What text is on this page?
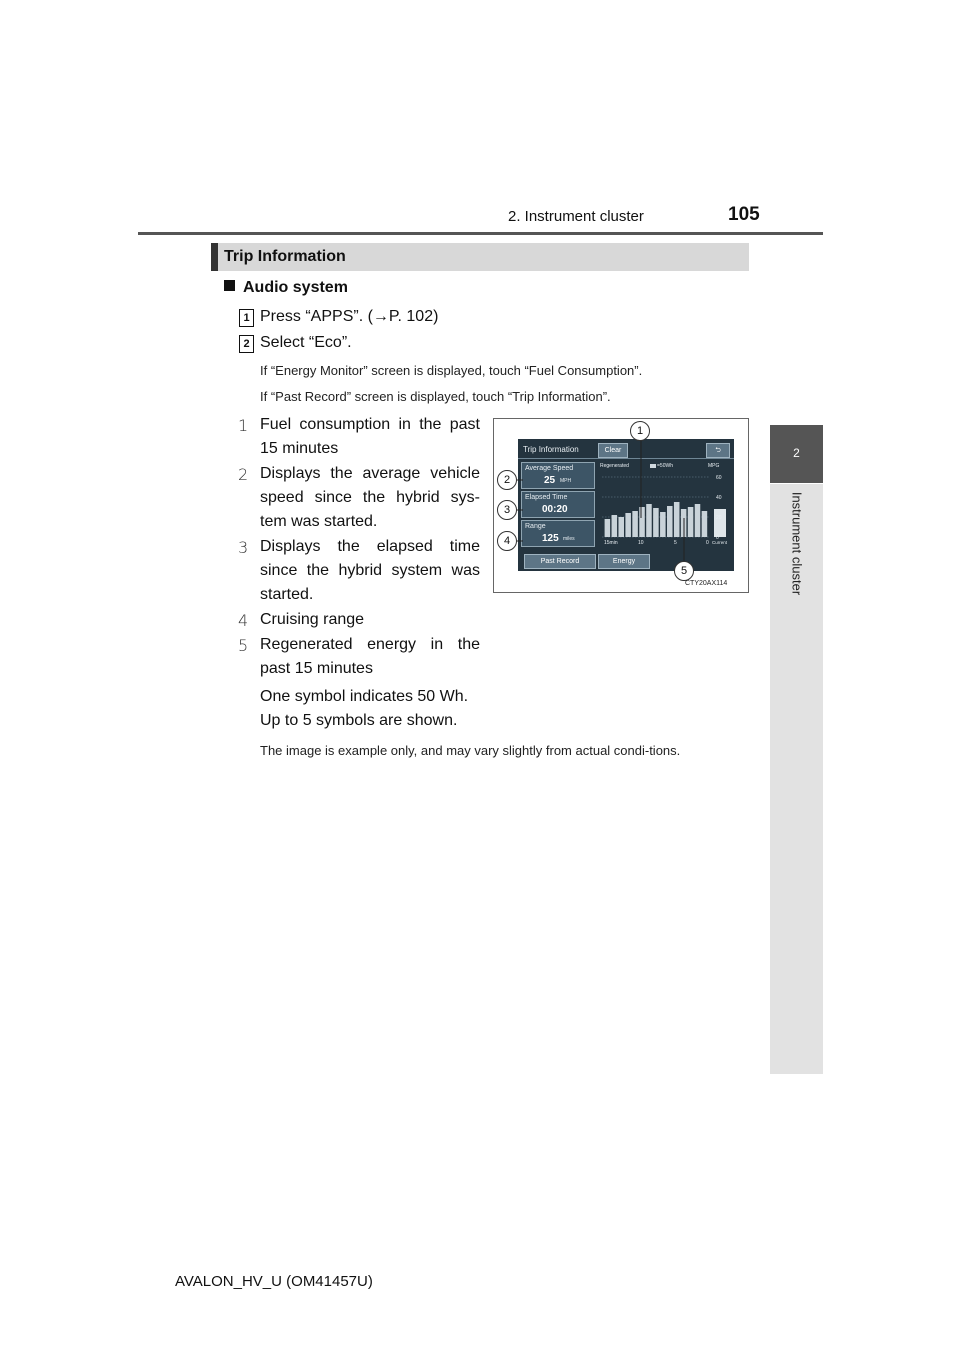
2. Instrument cluster	105
2
Instrument cluster
Trip Information
Audio system
1 Press “APPS”. (→P. 102)
2 Select “Eco”.
If “Energy Monitor” screen is displayed, touch “Fuel Consumption”.
If “Past Record” screen is displayed, touch “Trip Information”.
1 Fuel consumption in the past 15 minutes
2 Displays the average vehicle speed since the hybrid sys-tem was started.
3 Displays the elapsed time since the hybrid system was started.
4 Cruising range
5 Regenerated energy in the past 15 minutes
One symbol indicates 50 Wh.
Up to 5 symbols are shown.
The image is example only, and may vary slightly from actual condi-tions.
Trip Information	Clear	⮌
Average Speed
25 MPH
Elapsed Time
00:20
Range
125 miles
Regenerated	=50Wh	MPG
60
40
20
0
15min	10	5	0 Current
Past Record	Energy
1
2
3
4
5
CTY20AX114
AVALON_HV_U (OM41457U)
